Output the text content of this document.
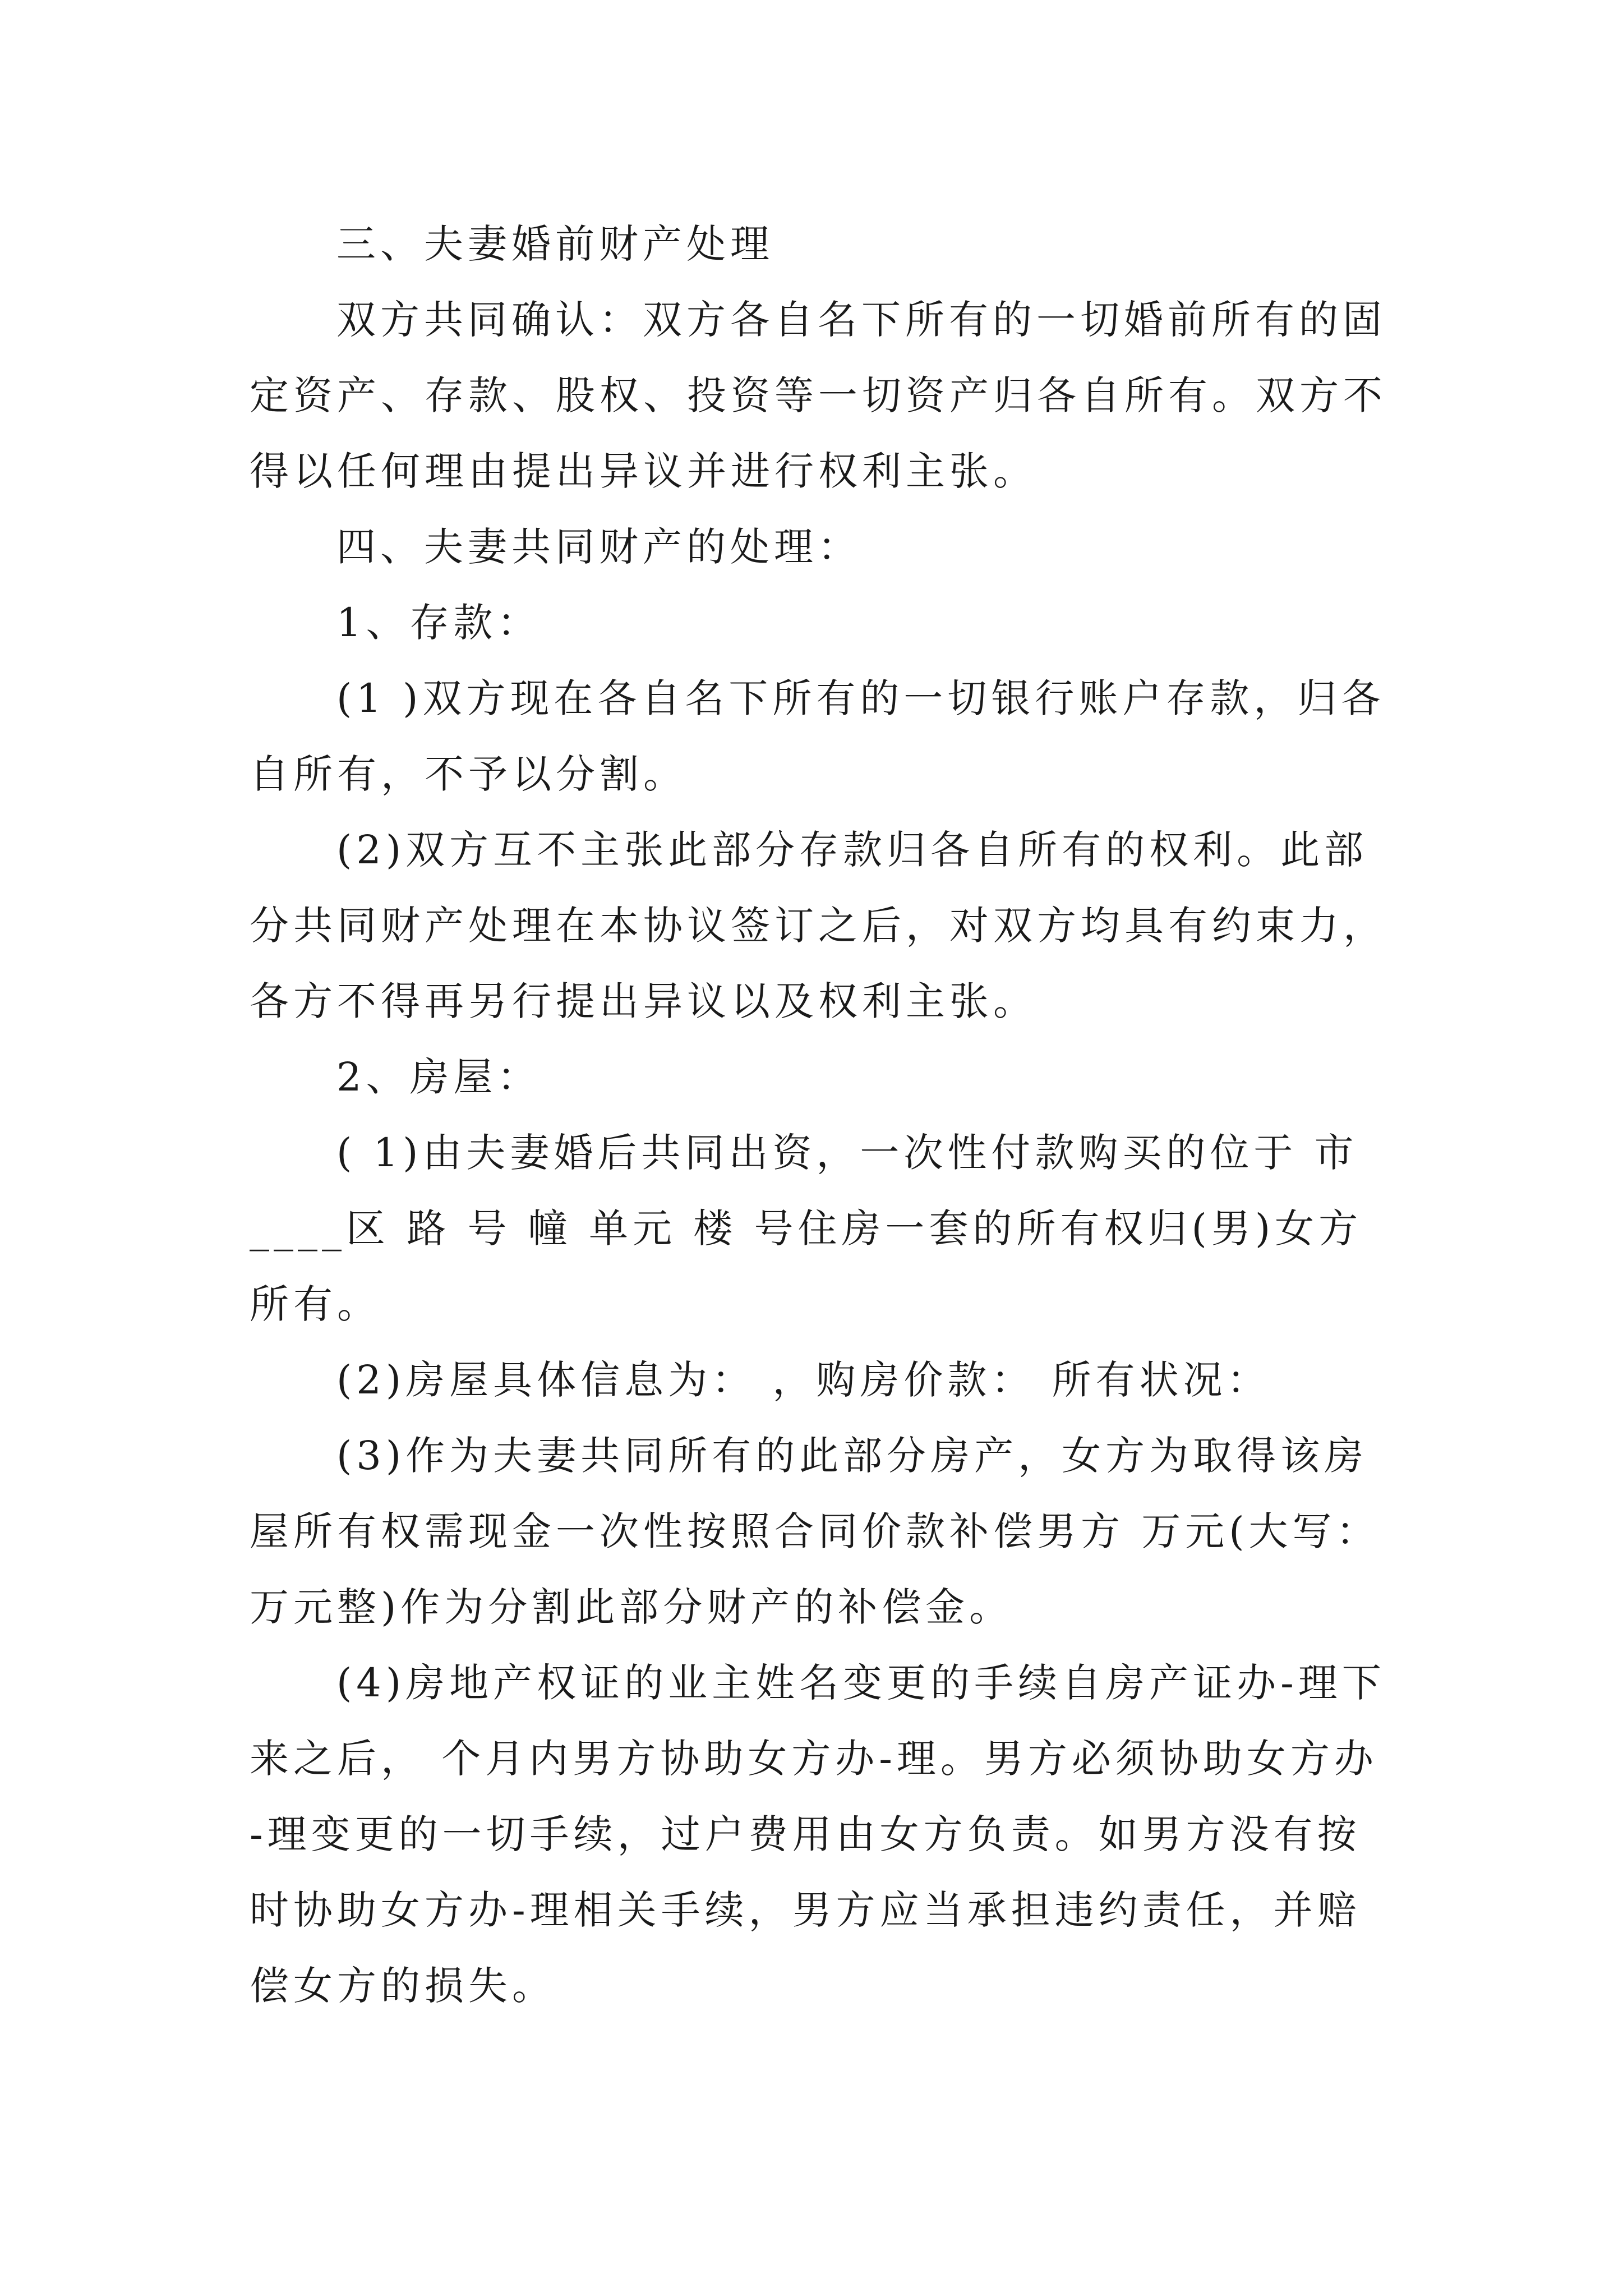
三、夫妻婚前财产处理
双方共同确认：双方各自名下所有的一切婚前所有的固
定资产、存款、股权、投资等一切资产归各自所有。双方不
得以任何理由提出异议并进行权利主张。
四、夫妻共同财产的处理：
1、存款：
(1 )双方现在各自名下所有的一切银行账户存款，归各
自所有，不予以分割。
(2)双方互不主张此部分存款归各自所有的权利。此部
分共同财产处理在本协议签订之后，对双方均具有约束力，
各方不得再另行提出异议以及权利主张。
2、房屋：
( 1)由夫妻婚后共同出资，一次性付款购买的位于 市
____区 路 号 幢 单元 楼 号住房一套的所有权归(男)女方
所有。
(2)房屋具体信息为： ，购房价款： 所有状况：
(3)作为夫妻共同所有的此部分房产，女方为取得该房
屋所有权需现金一次性按照合同价款补偿男方 万元(大写：
万元整)作为分割此部分财产的补偿金。
(4)房地产权证的业主姓名变更的手续自房产证办-理下
来之后， 个月内男方协助女方办-理。男方必须协助女方办
-理变更的一切手续，过户费用由女方负责。如男方没有按
时协助女方办-理相关手续，男方应当承担违约责任，并赔
偿女方的损失。
